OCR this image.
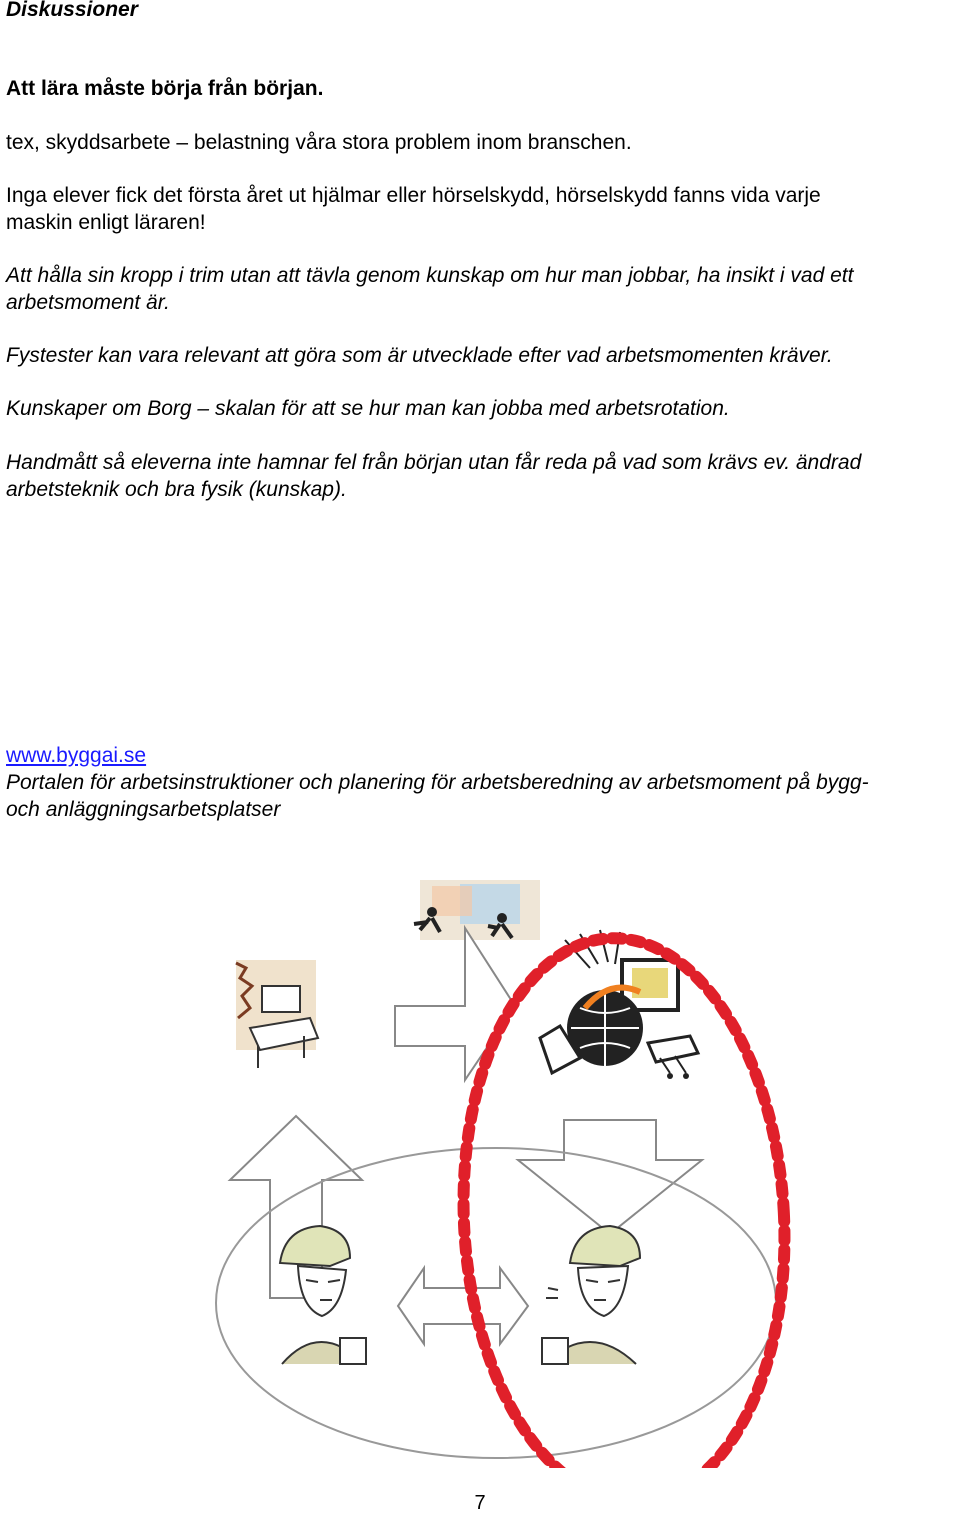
Diskussioner
Att lära måste börja från början.
tex, skyddsarbete – belastning våra stora problem inom branschen.
Inga elever fick det första året ut hjälmar eller hörselskydd, hörselskydd fanns vida varje
maskin enligt läraren!
Att hålla sin kropp i trim utan att tävla genom kunskap om hur man jobbar, ha insikt i vad ett
arbetsmoment är.
Fystester kan vara relevant att göra som är utvecklade efter vad arbetsmomenten kräver.
Kunskaper om Borg – skalan för att se hur man kan jobba med arbetsrotation.
Handmått så eleverna inte hamnar fel från början utan får reda på vad som krävs ev. ändrad
arbetsteknik och bra fysik (kunskap).
www.byggai.se
Portalen för arbetsinstruktioner och planering för arbetsberedning av arbetsmoment på bygg-
och anläggningsarbetsplatser
7
